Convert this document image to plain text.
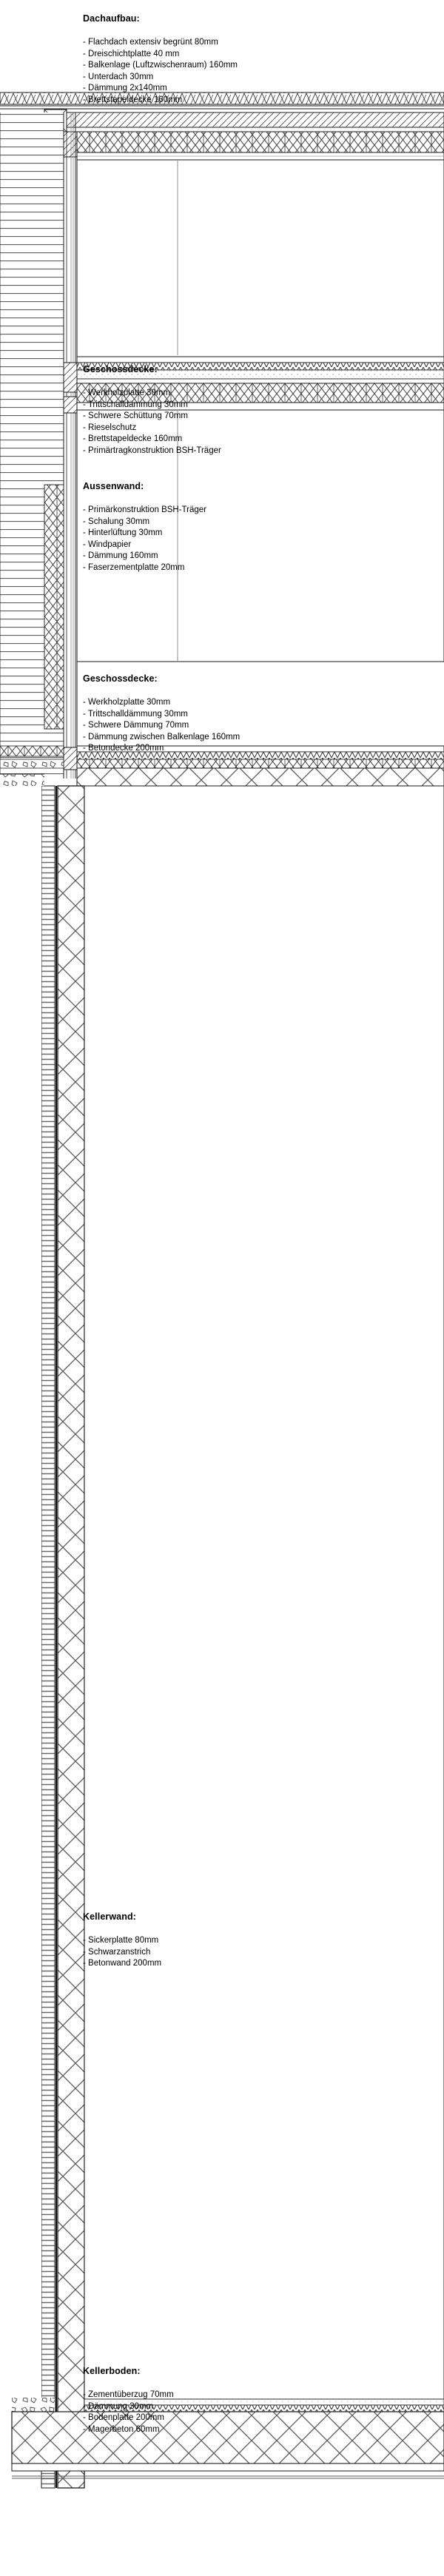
Dachaufbau:
- Flachdach extensiv begrünt 80mm
- Dreischichtplatte 40 mm
- Balkenlage (Luftzwischenraum) 160mm
- Unterdach 30mm
- Dämmung 2x140mm
- Brettstapeldecke 160mm
Geschossdecke:
- Werkholzplatte 30mm
- Trittschalldämmung 30mm
- Schwere Schüttung 70mm
- Rieselschutz
- Brettstapeldecke 160mm
- Primärtragkonstruktion BSH-Träger
Aussenwand:
- Primärkonstruktion BSH-Träger
- Schalung 30mm
- Hinterlüftung 30mm
- Windpapier
- Dämmung 160mm
- Faserzementplatte 20mm
Geschossdecke:
- Werkholzplatte 30mm
- Trittschalldämmung 30mm
- Schwere Dämmung 70mm
- Dämmung zwischen Balkenlage 160mm
- Betondecke 200mm
Kellerwand:
- Sickerplatte 80mm
- Schwarzanstrich
- Betonwand 200mm
Kellerboden:
- Zementüberzug 70mm
- Dämmung 30mm
- Bodenplatte 200mm
- Magerbeton 60mm
